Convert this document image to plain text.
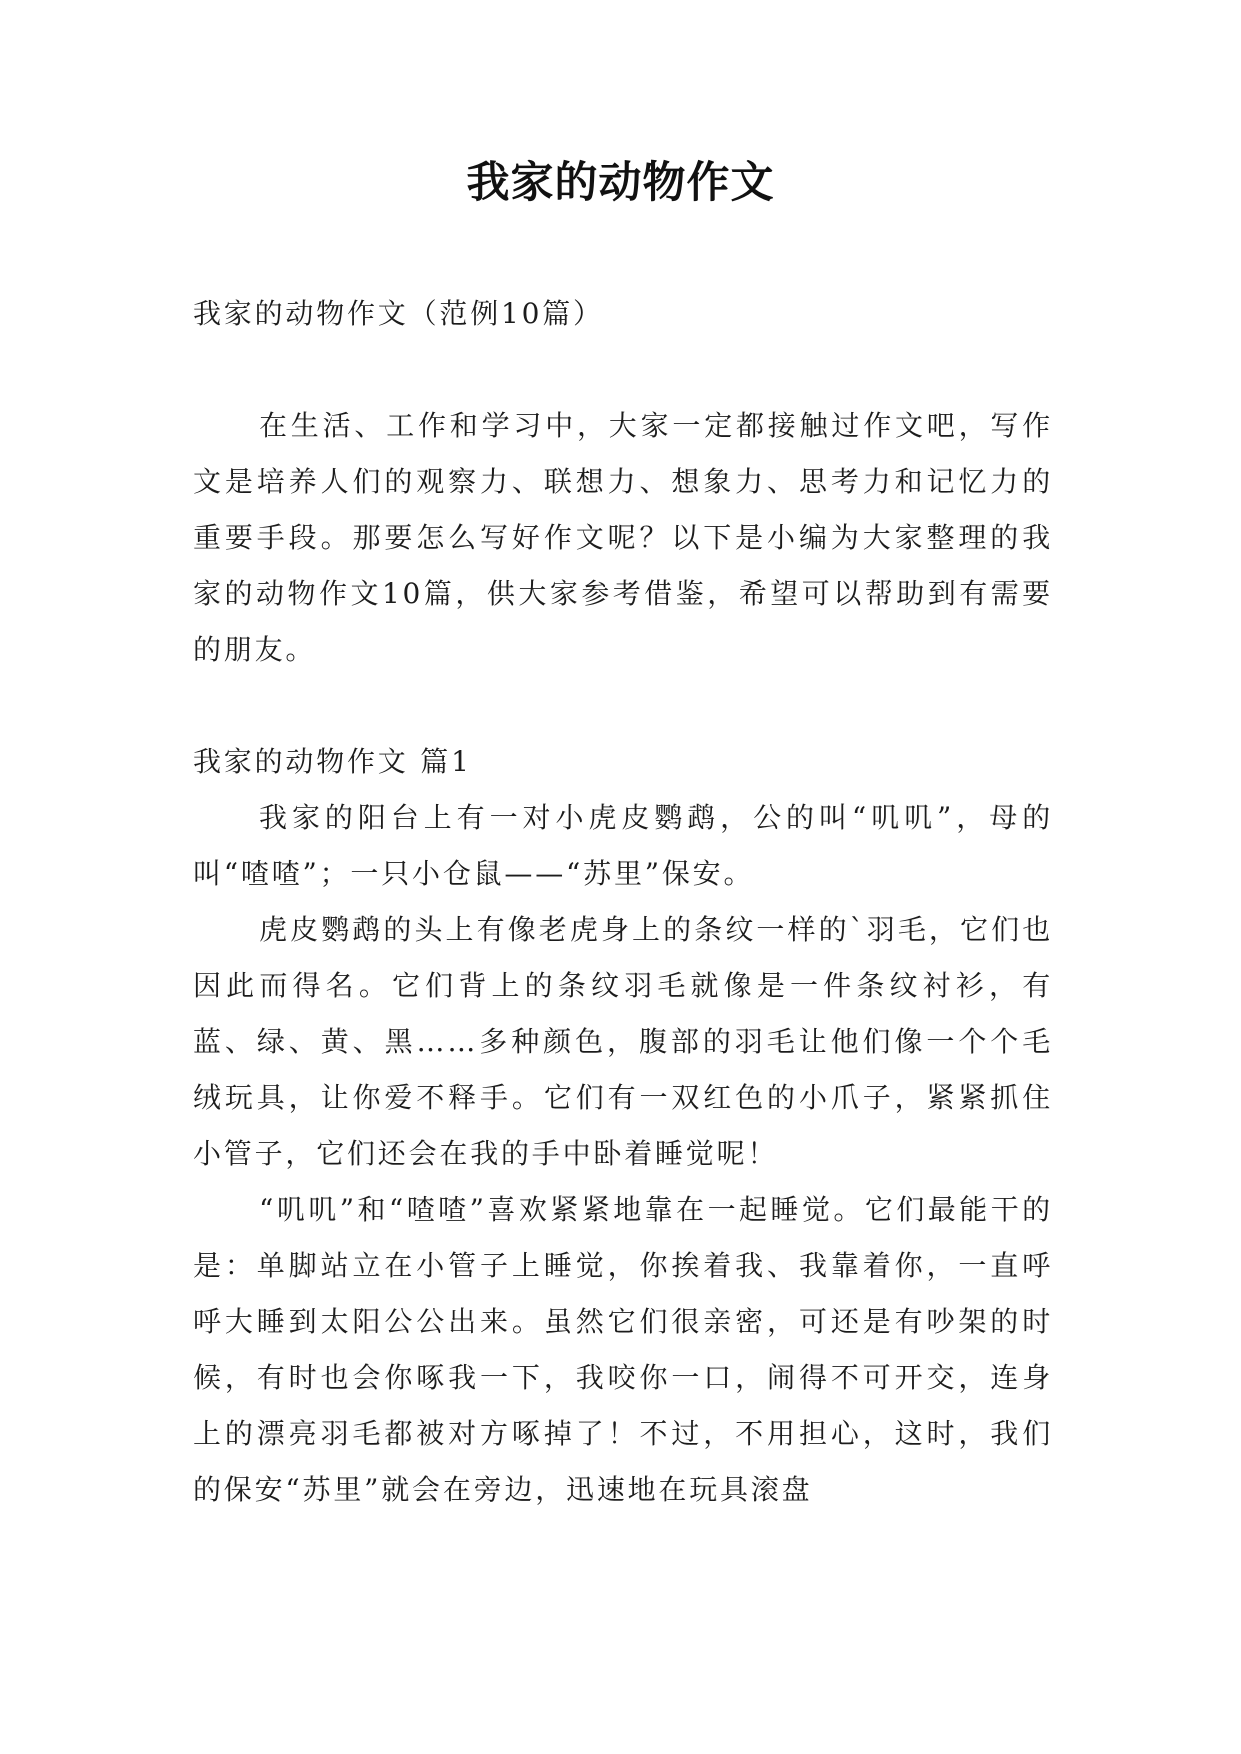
我家的动物作文

我家的动物作文（范例10篇）

在生活、工作和学习中，大家一定都接触过作文吧，写作文是培养人们的观察力、联想力、想象力、思考力和记忆力的重要手段。那要怎么写好作文呢？以下是小编为大家整理的我家的动物作文10篇，供大家参考借鉴，希望可以帮助到有需要的朋友。

我家的动物作文 篇1

我家的阳台上有一对小虎皮鹦鹉，公的叫“叽叽”，母的叫“喳喳”；一只小仓鼠——“苏里”保安。

虎皮鹦鹉的头上有像老虎身上的条纹一样的`羽毛，它们也因此而得名。它们背上的条纹羽毛就像是一件条纹衬衫，有蓝、绿、黄、黑……多种颜色，腹部的羽毛让他们像一个个毛绒玩具，让你爱不释手。它们有一双红色的小爪子，紧紧抓住小管子，它们还会在我的手中卧着睡觉呢！

“叽叽”和“喳喳”喜欢紧紧地靠在一起睡觉。它们最能干的是：单脚站立在小管子上睡觉，你挨着我、我靠着你，一直呼呼大睡到太阳公公出来。虽然它们很亲密，可还是有吵架的时候，有时也会你啄我一下，我咬你一口，闹得不可开交，连身上的漂亮羽毛都被对方啄掉了！不过，不用担心，这时，我们的保安“苏里”就会在旁边，迅速地在玩具滚盘
